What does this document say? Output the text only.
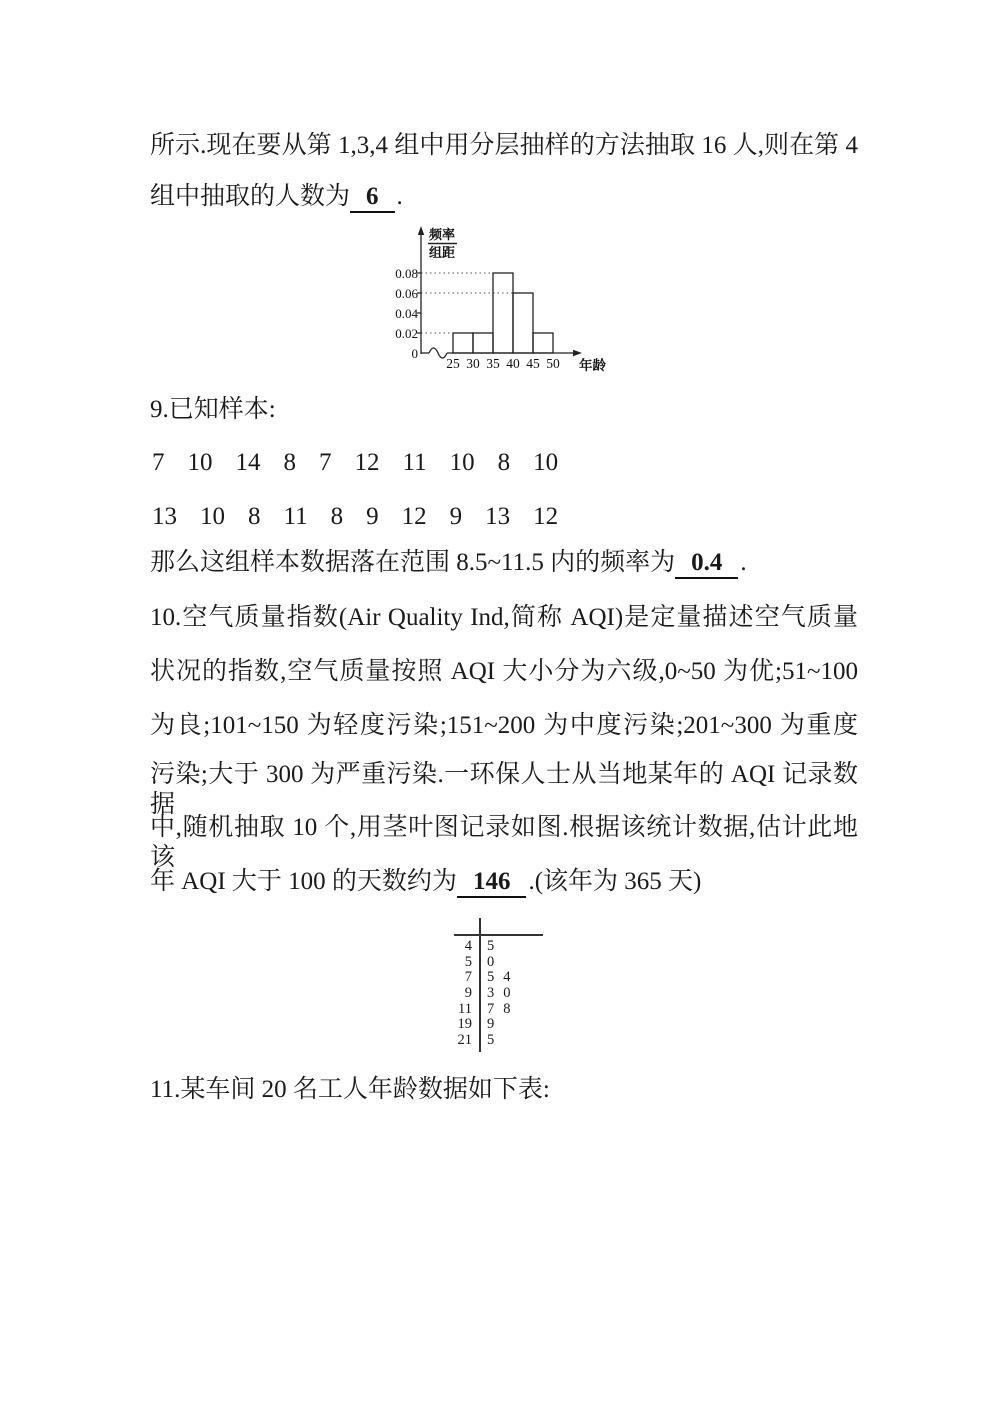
所示.现在要从第 1,3,4 组中用分层抽样的方法抽取 16 人,则在第 4
组中抽取的人数为 6 .
0
0.02
0.04
0.06
0.08
25 30 35 40 45 50
频率
组距
年龄
9.已知样本:
7 10 14 8 7 12 11 10 8 10
13 10 8 11 8 9 12 9 13 12
那么这组样本数据落在范围 8.5~11.5 内的频率为 0.4 .
10.空气质量指数(Air Quality Ind,简称 AQI)是定量描述空气质量
状况的指数,空气质量按照 AQI 大小分为六级,0~50 为优;51~100
为良;101~150 为轻度污染;151~200 为中度污染;201~300 为重度
污染;大于 300 为严重污染.一环保人士从当地某年的 AQI 记录数据
中,随机抽取 10 个,用茎叶图记录如图.根据该统计数据,估计此地该
年 AQI 大于 100 的天数约为 146 .(该年为 365 天)
4 5
5 0
7 5 4
9 3 0
11 7 8
19 9
21 5
11.某车间 20 名工人年龄数据如下表:
